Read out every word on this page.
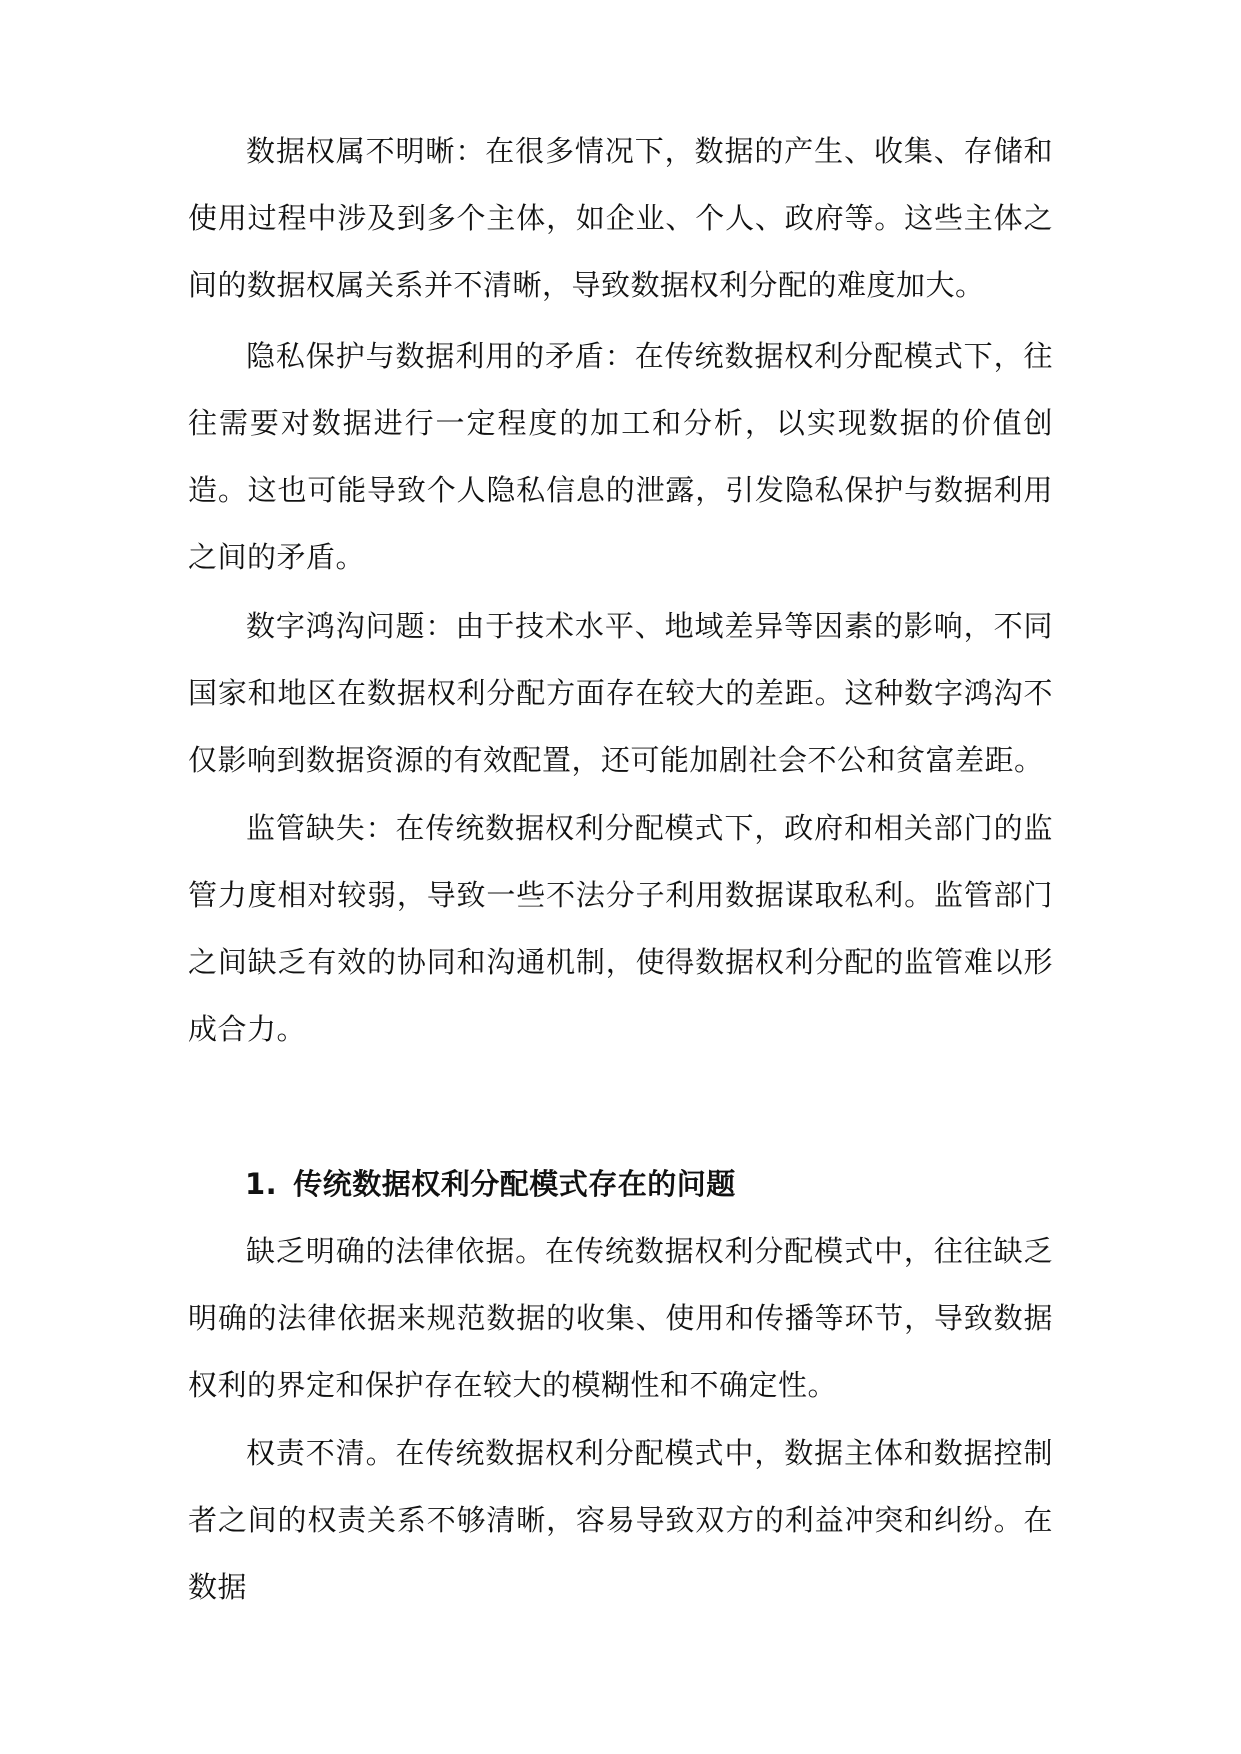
数据权属不明晰：在很多情况下，数据的产生、收集、存储和使用过程中涉及到多个主体，如企业、个人、政府等。这些主体之间的数据权属关系并不清晰，导致数据权利分配的难度加大。

隐私保护与数据利用的矛盾：在传统数据权利分配模式下，往往需要对数据进行一定程度的加工和分析，以实现数据的价值创造。这也可能导致个人隐私信息的泄露，引发隐私保护与数据利用之间的矛盾。

数字鸿沟问题：由于技术水平、地域差异等因素的影响，不同国家和地区在数据权利分配方面存在较大的差距。这种数字鸿沟不仅影响到数据资源的有效配置，还可能加剧社会不公和贫富差距。

监管缺失：在传统数据权利分配模式下，政府和相关部门的监管力度相对较弱，导致一些不法分子利用数据谋取私利。监管部门之间缺乏有效的协同和沟通机制，使得数据权利分配的监管难以形成合力。

1. 传统数据权利分配模式存在的问题

缺乏明确的法律依据。在传统数据权利分配模式中，往往缺乏明确的法律依据来规范数据的收集、使用和传播等环节，导致数据权利的界定和保护存在较大的模糊性和不确定性。

权责不清。在传统数据权利分配模式中，数据主体和数据控制者之间的权责关系不够清晰，容易导致双方的利益冲突和纠纷。在数据
